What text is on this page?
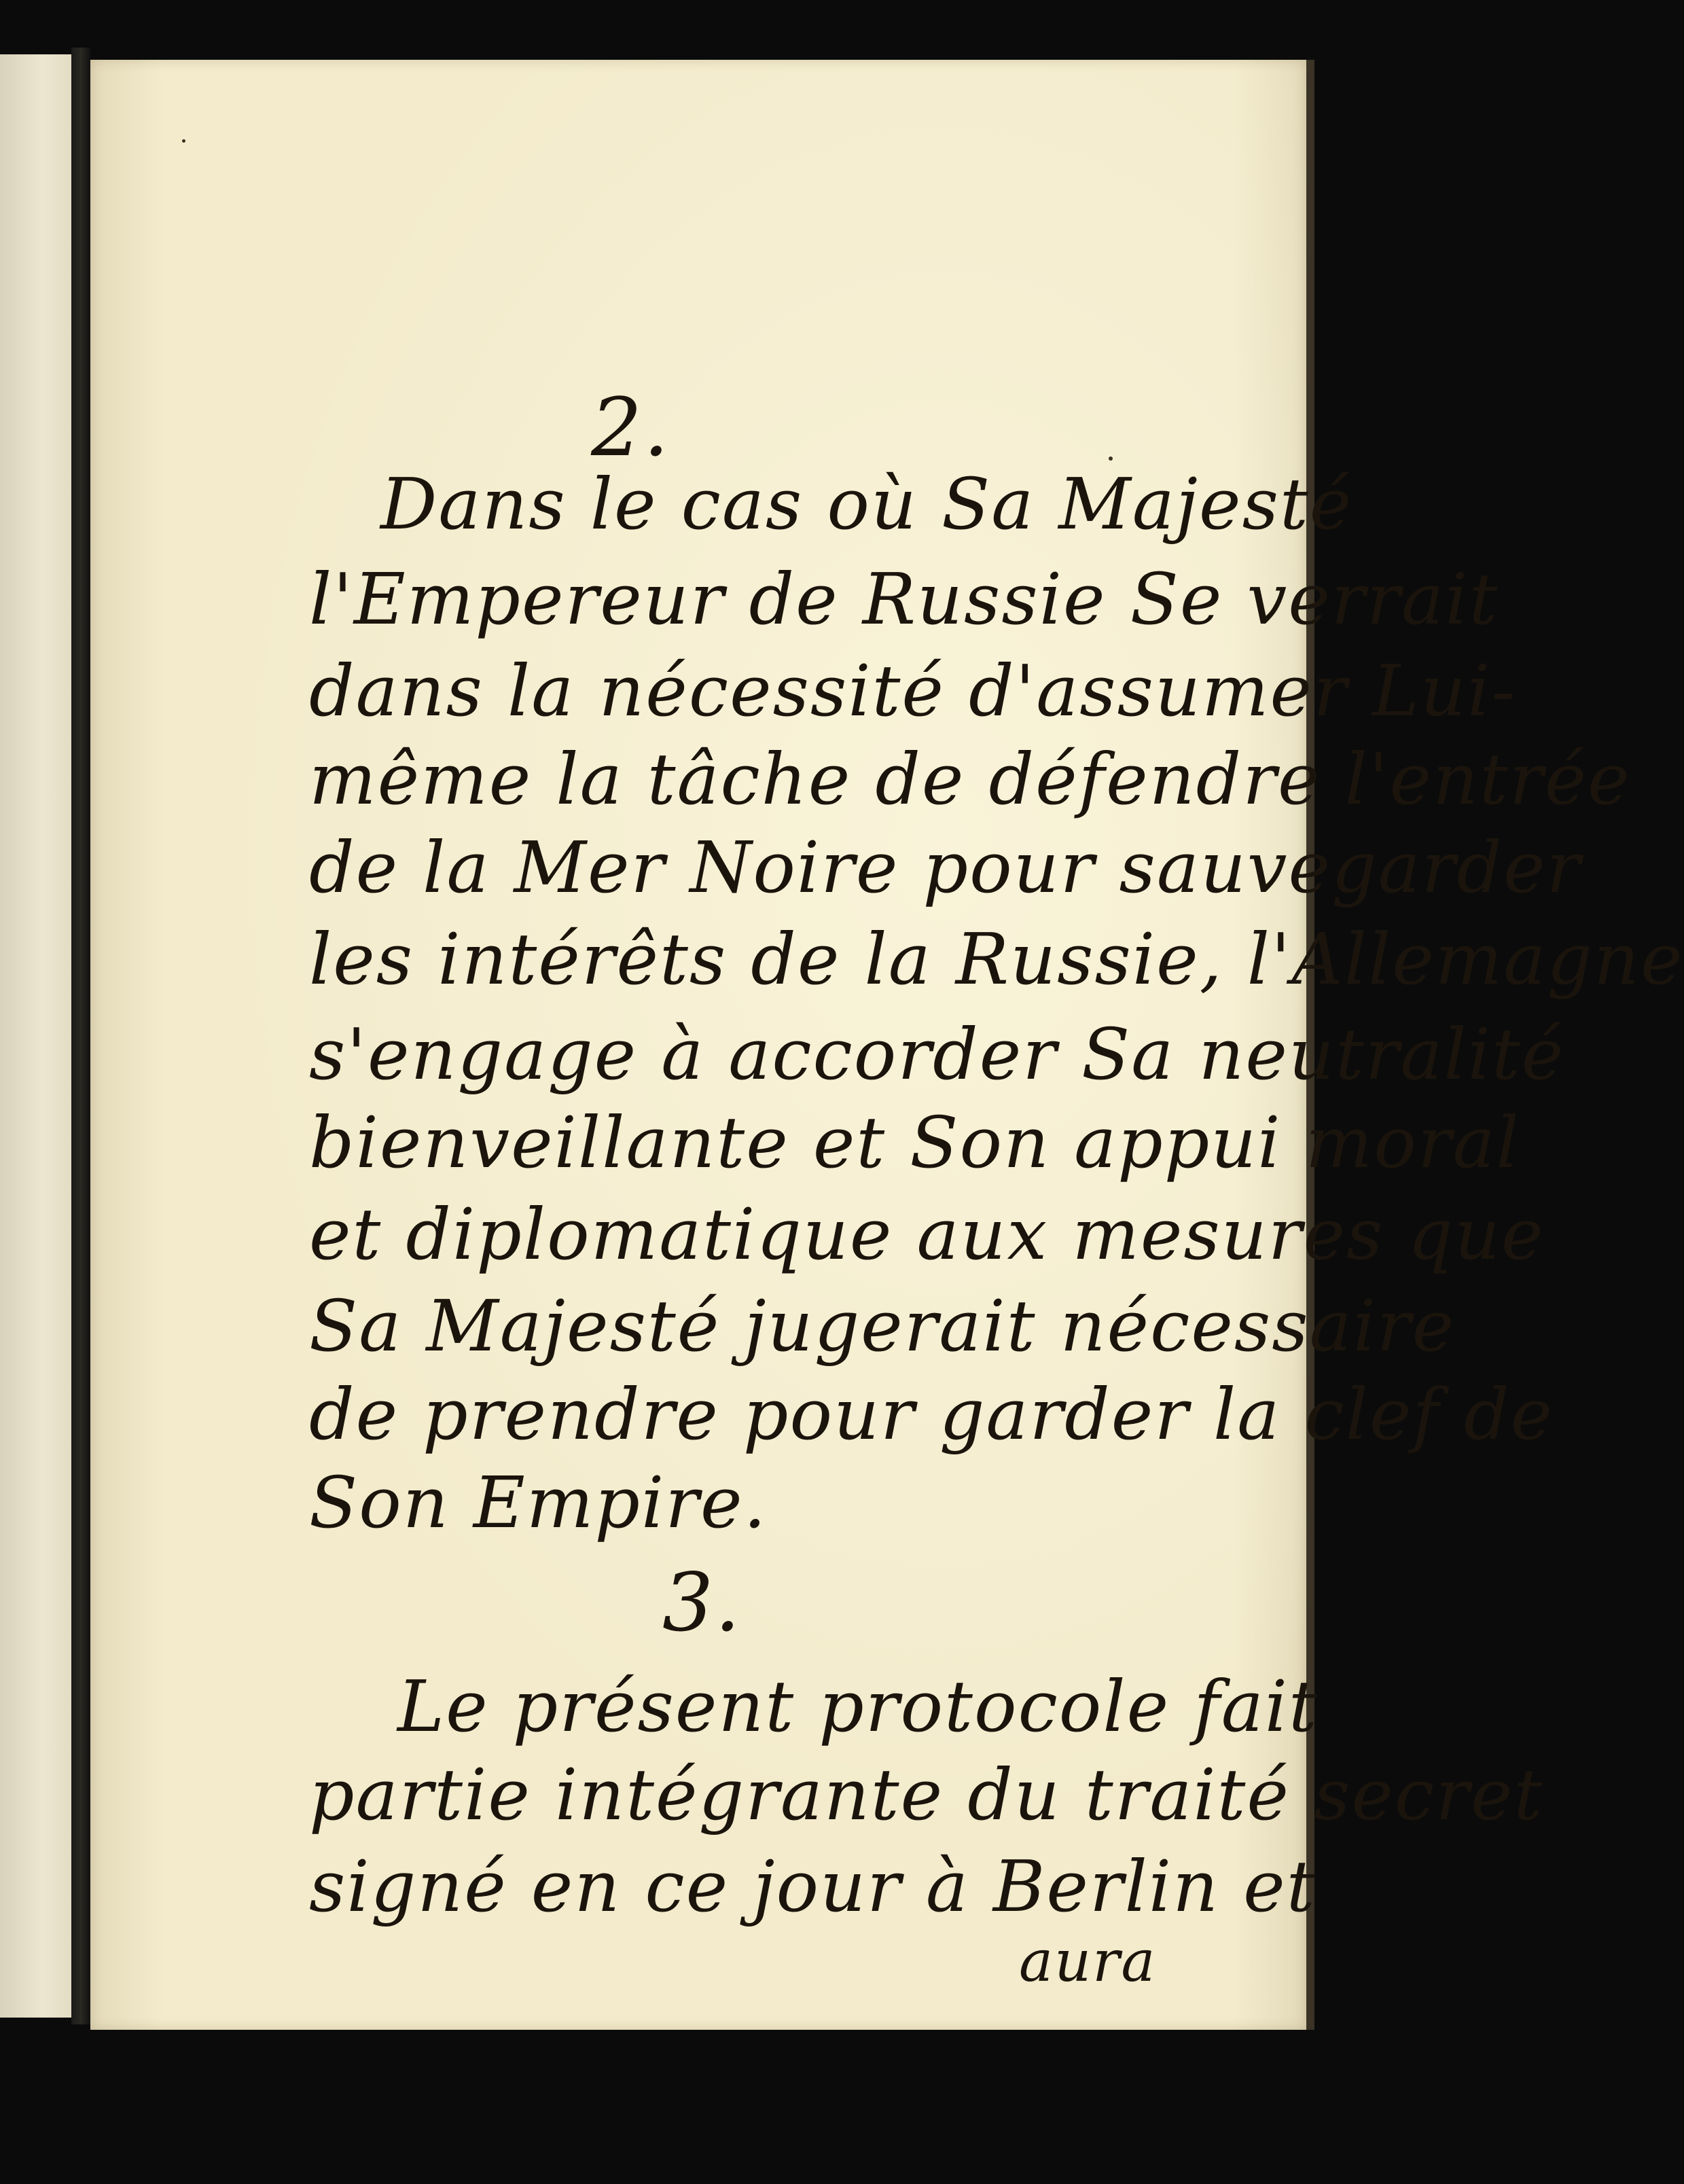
2.
Dans le cas où Sa Majesté
l'Empereur de Russie Se verrait
dans la nécessité d'assumer Lui-
même la tâche de défendre l'entrée
de la Mer Noire pour sauvegarder
les intérêts de la Russie, l'Allemagne
s'engage à accorder Sa neutralité
bienveillante et Son appui moral
et diplomatique aux mesures que
Sa Majesté jugerait nécessaire
de prendre pour garder la clef de
Son Empire.
3.
Le présent protocole fait
partie intégrante du traité secret
signé en ce jour à Berlin et
aura
